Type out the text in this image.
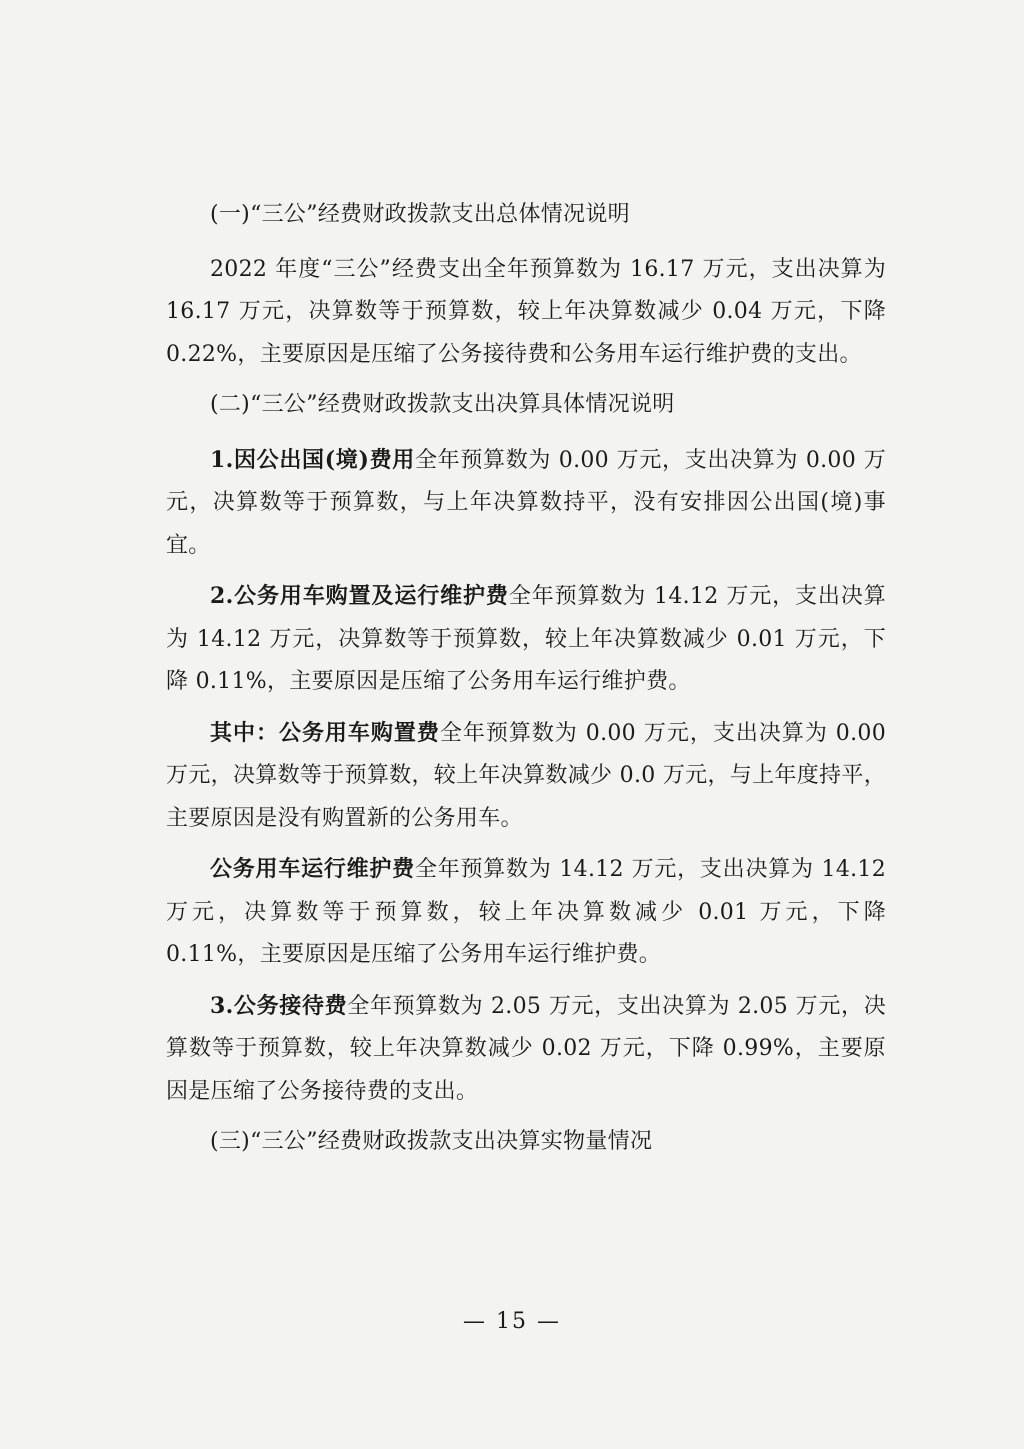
(一)“三公”经费财政拨款支出总体情况说明

2022 年度“三公”经费支出全年预算数为 16.17 万元，支出决算为 16.17 万元，决算数等于预算数，较上年决算数减少 0.04 万元，下降 0.22%，主要原因是压缩了公务接待费和公务用车运行维护费的支出。

(二)“三公”经费财政拨款支出决算具体情况说明

1.因公出国(境)费用全年预算数为 0.00 万元，支出决算为 0.00 万元，决算数等于预算数，与上年决算数持平，没有安排因公出国(境)事宜。

2.公务用车购置及运行维护费全年预算数为 14.12 万元，支出决算为 14.12 万元，决算数等于预算数，较上年决算数减少 0.01 万元，下降 0.11%，主要原因是压缩了公务用车运行维护费。

其中：公务用车购置费全年预算数为 0.00 万元，支出决算为 0.00 万元，决算数等于预算数，较上年决算数减少 0.0 万元，与上年度持平，主要原因是没有购置新的公务用车。

公务用车运行维护费全年预算数为 14.12 万元，支出决算为 14.12 万元，决算数等于预算数，较上年决算数减少 0.01 万元，下降 0.11%，主要原因是压缩了公务用车运行维护费。

3.公务接待费全年预算数为 2.05 万元，支出决算为 2.05 万元，决算数等于预算数，较上年决算数减少 0.02 万元，下降 0.99%，主要原因是压缩了公务接待费的支出。

(三)“三公”经费财政拨款支出决算实物量情况

— 15 —
